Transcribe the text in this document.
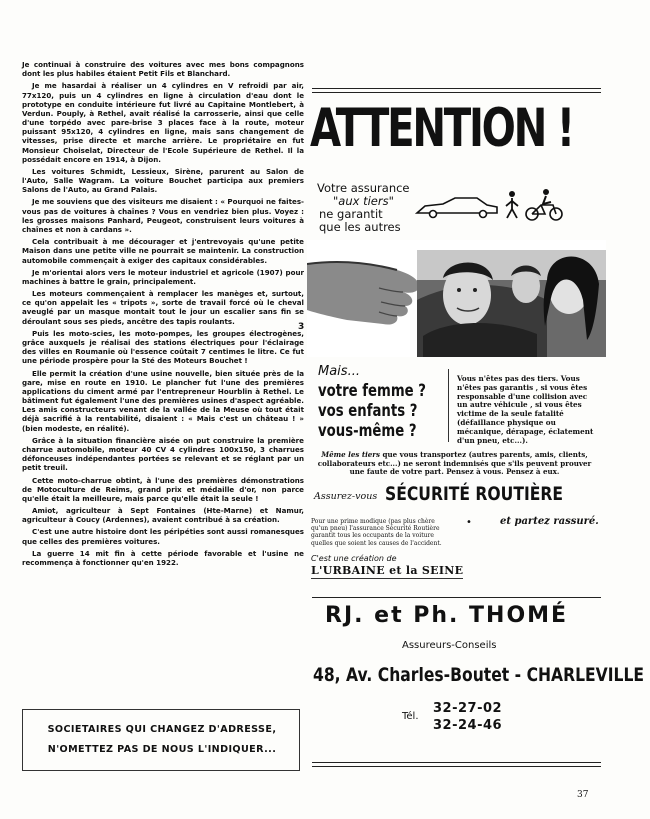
Je continuai à construire des voitures avec mes bons compagnons dont les plus habiles étaient Petit Fils et Blanchard.

Je me hasardai à réaliser un 4 cylindres en V refroidi par air, 77x120, puis un 4 cylindres en ligne à circulation d'eau dont le prototype en conduite intérieure fut livré au Capitaine Montlebert, à Verdun. Pouply, à Rethel, avait réalisé la carrosserie, ainsi que celle d'une torpédo avec pare-brise 3 places face à la route, moteur puissant 95x120, 4 cylindres en ligne, mais sans changement de vitesses, prise directe et marche arrière. Le propriétaire en fut Monsieur Choiselat, Directeur de l'Ecole Supérieure de Rethel. Il la possédait encore en 1914, à Dijon.

Les voitures Schmidt, Lessieux, Sirène, parurent au Salon de l'Auto, Salle Wagram. La voiture Bouchet participa aux premiers Salons de l'Auto, au Grand Palais.

Je me souviens que des visiteurs me disaient : « Pourquoi ne faites-vous pas de voitures à chaînes ? Vous en vendriez bien plus. Voyez : les grosses maisons Panhard, Peugeot, construisent leurs voitures à chaînes et non à cardans ».

Cela contribuait à me décourager et j'entrevoyais qu'une petite Maison dans une petite ville ne pourrait se maintenir. La construction automobile commençait à exiger des capitaux considérables.

Je m'orientai alors vers le moteur industriel et agricole (1907) pour machines à battre le grain, principalement.

Les moteurs commençaient à remplacer les manèges et, surtout, ce qu'on appelait les « tripots », sorte de travail forcé où le cheval aveuglé par un masque montait tout le jour un escalier sans fin se déroulant sous ses pieds, ancêtre des tapis roulants.

Puis les moto-scies, les moto-pompes, les groupes électrogènes, grâce auxquels je réalisai des stations électriques pour l'éclairage des villes en Roumanie où l'essence coûtait 7 centimes le litre. Ce fut une période prospère pour la Sté des Moteurs Bouchet !

Elle permit la création d'une usine nouvelle, bien située près de la gare, mise en route en 1910. Le plancher fut l'une des premières applications du ciment armé par l'entrepreneur Hourblin à Rethel. Le bâtiment fut également l'une des premières usines d'aspect agréable. Les amis constructeurs venant de la vallée de la Meuse où tout était déjà sacrifié à la rentabilité, disaient : « Mais c'est un château ! » (bien modeste, en réalité).

Grâce à la situation financière aisée on put construire la première charrue automobile, moteur 40 CV 4 cylindres 100x150, 3 charrues défonceuses indépendantes portées se relevant et se réglant par un petit treuil.

Cette moto-charrue obtint, à l'une des premières démonstrations de Motoculture de Reims, grand prix et médaille d'or, non parce qu'elle était la meilleure, mais parce qu'elle était la seule !

Amiot, agriculteur à Sept Fontaines (Hte-Marne) et Namur, agriculteur à Coucy (Ardennes), avaient contribué à sa création.

C'est une autre histoire dont les péripéties sont aussi romanesques que celles des premières voitures.

La guerre 14 mit fin à cette période favorable et l'usine ne recommença à fonctionner qu'en 1922.

SOCIETAIRES QUI CHANGEZ D'ADRESSE,
N'OMETTEZ PAS DE NOUS L'INDIQUER...
ATTENTION !
Votre assurance
"aux tiers"
ne garantit
que les autres
3
Mais...
votre femme ?
vos enfants ?
vous-même ?
Vous n'êtes pas des tiers. Vous n'êtes pas garantis , si vous êtes responsable d'une collision avec un autre véhicule , si vous êtes victime de la seule fatalité (défaillance physique ou mécanique, dérapage, éclatement d'un pneu, etc...).
Même les tiers que vous transportez (autres parents, amis, clients, collaborateurs etc...) ne seront indemnisés que s'ils peuvent prouver une faute de votre part. Pensez à vous. Pensez à eux.
Assurez-vous SÉCURITÉ ROUTIÈRE
•	et partez rassuré.
Pour une prime modique (pas plus chère qu'un pneu) l'assurance Sécurité Routière garantit tous les occupants de la voiture quelles que soient les causes de l'accident.
C'est une création de
L'URBAINE et la SEINE
RJ. et Ph. THOMÉ
Assureurs-Conseils
48, Av. Charles-Boutet - CHARLEVILLE
Tél.
32-27-02
32-24-46
37
